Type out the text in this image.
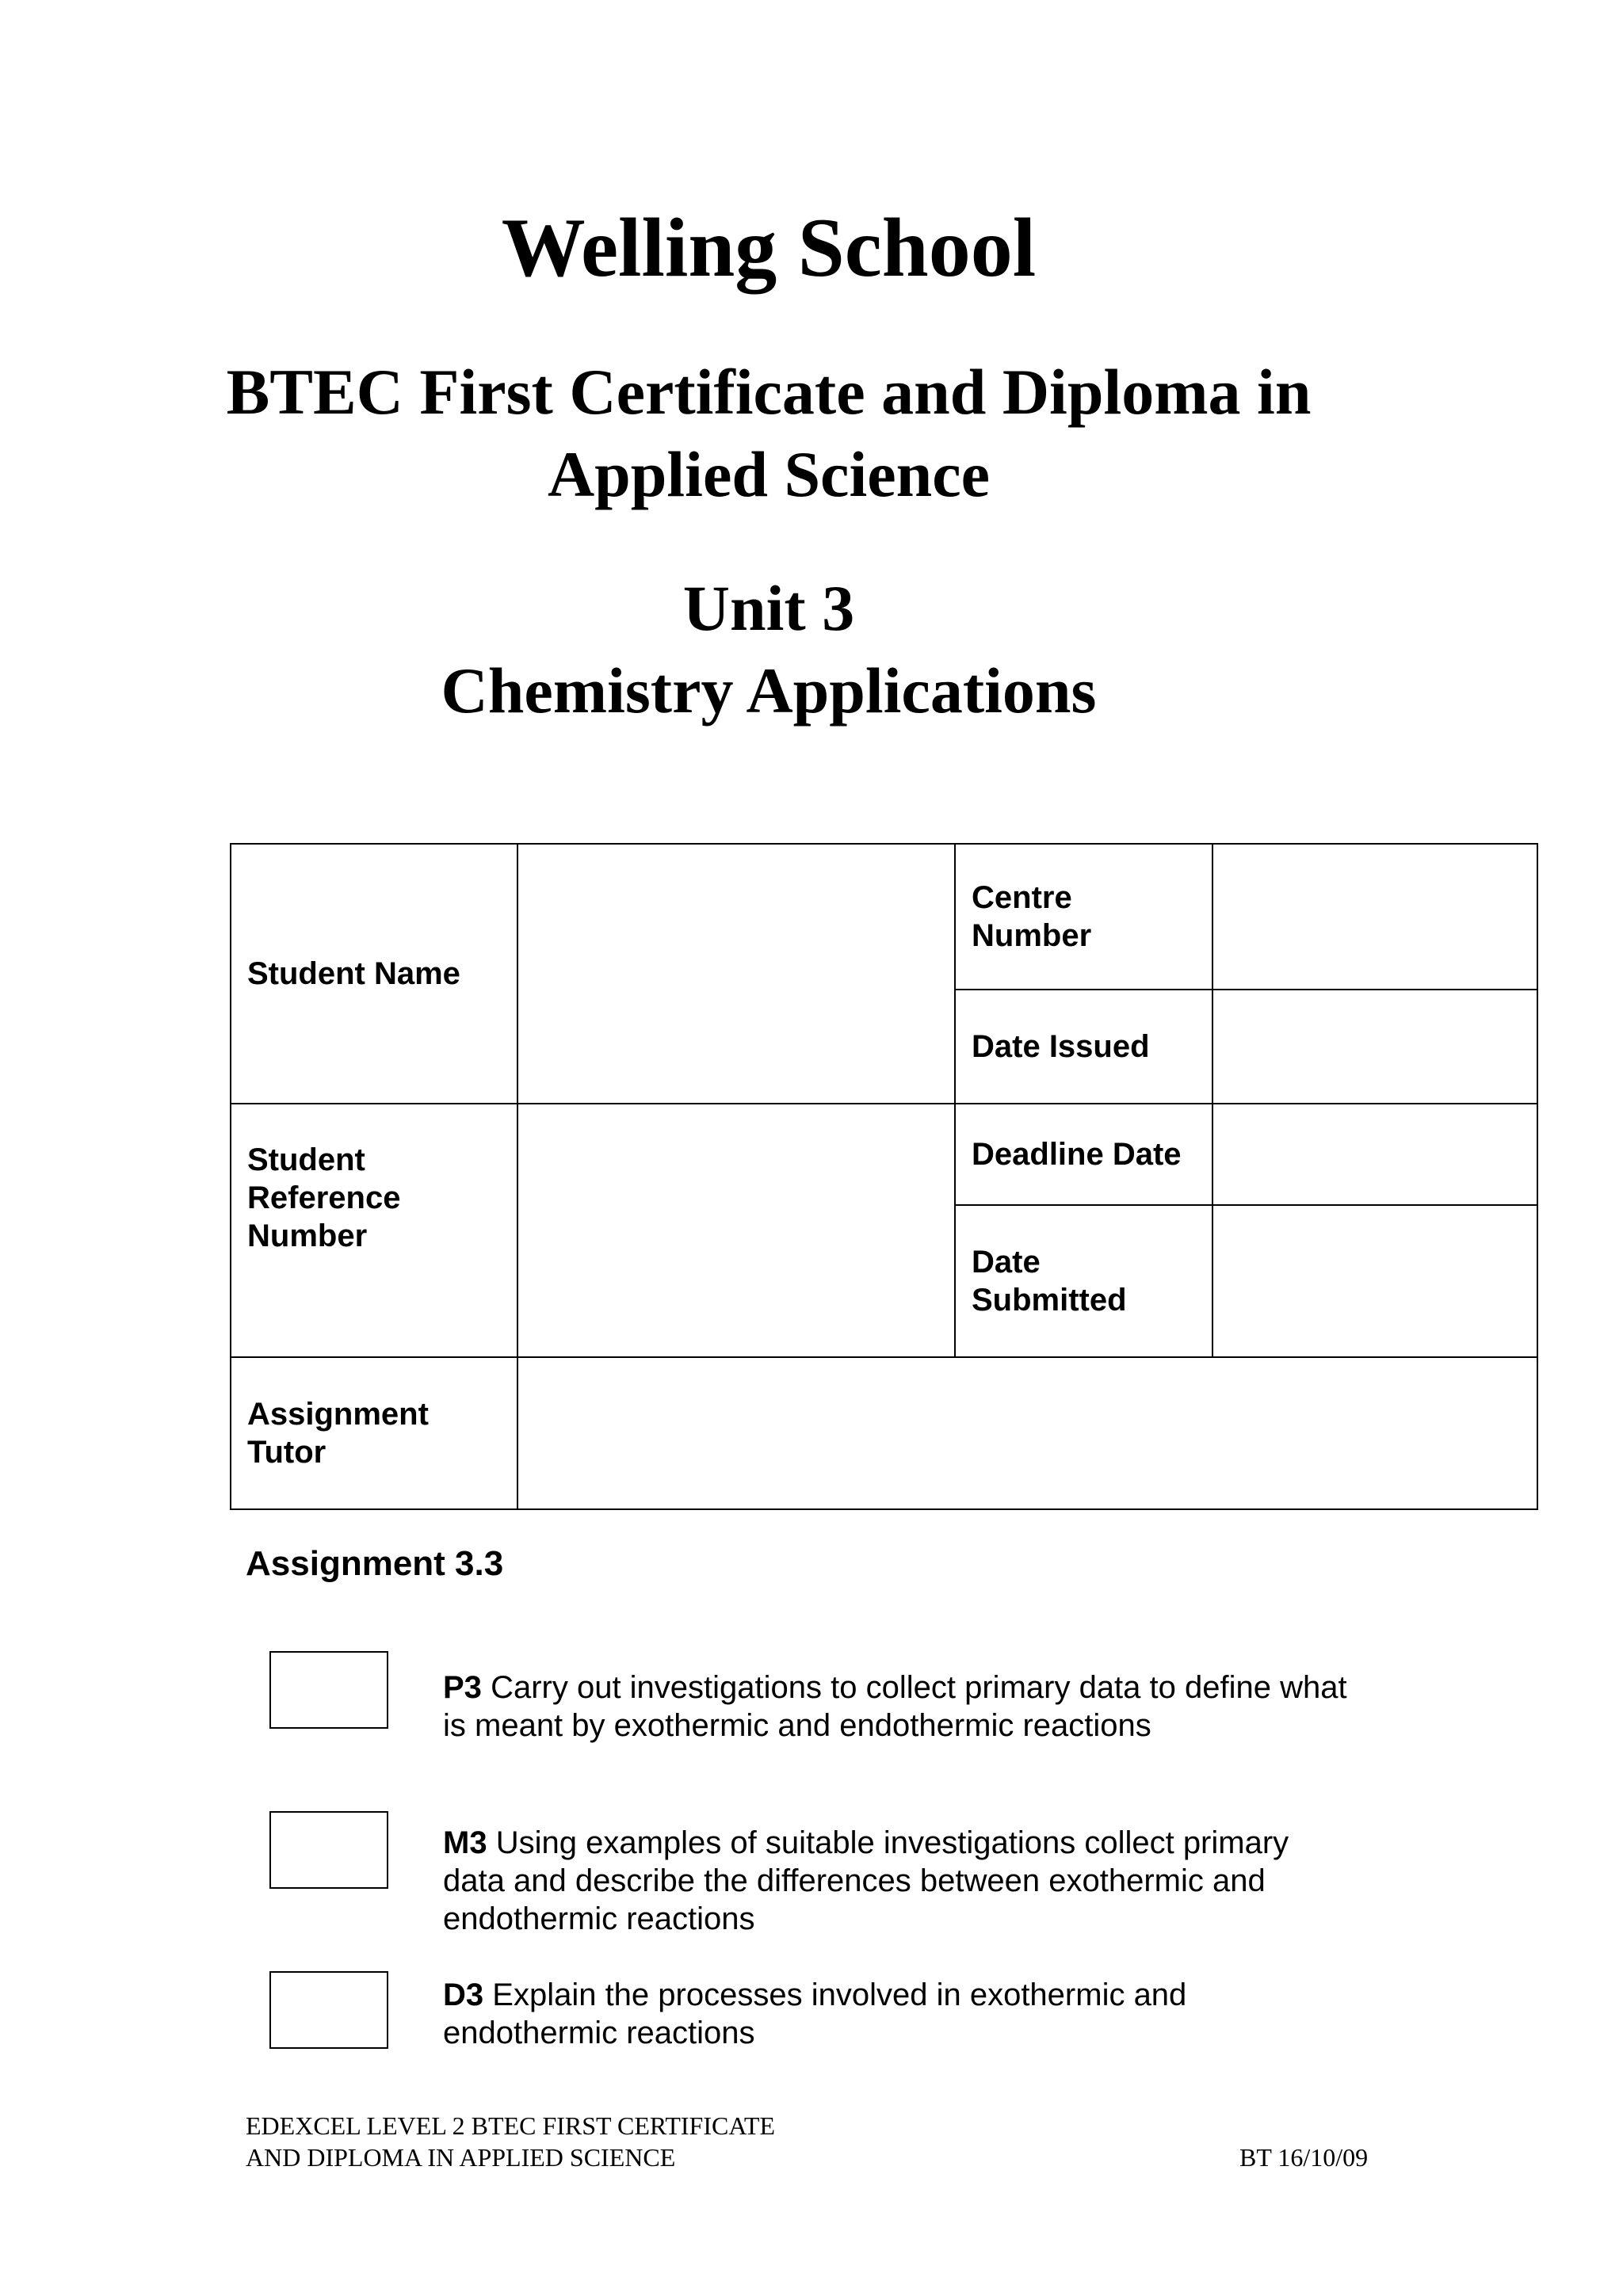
Welling School
BTEC First Certificate and Diploma in
Applied Science
Unit 3
Chemistry Applications
Student Name		Centre
Number	

		Date Issued	

Student
Reference
Number		Deadline Date	

		Date
Submitted	

Assignment
Tutor			

Assignment 3.3

P3 Carry out investigations to collect primary data to define what
is meant by exothermic and endothermic reactions

M3 Using examples of suitable investigations collect primary
data and describe the differences between exothermic and
endothermic reactions

D3 Explain the processes involved in exothermic and
endothermic reactions

EDEXCEL LEVEL 2 BTEC FIRST CERTIFICATE
AND DIPLOMA IN APPLIED SCIENCE	BT 16/10/09
